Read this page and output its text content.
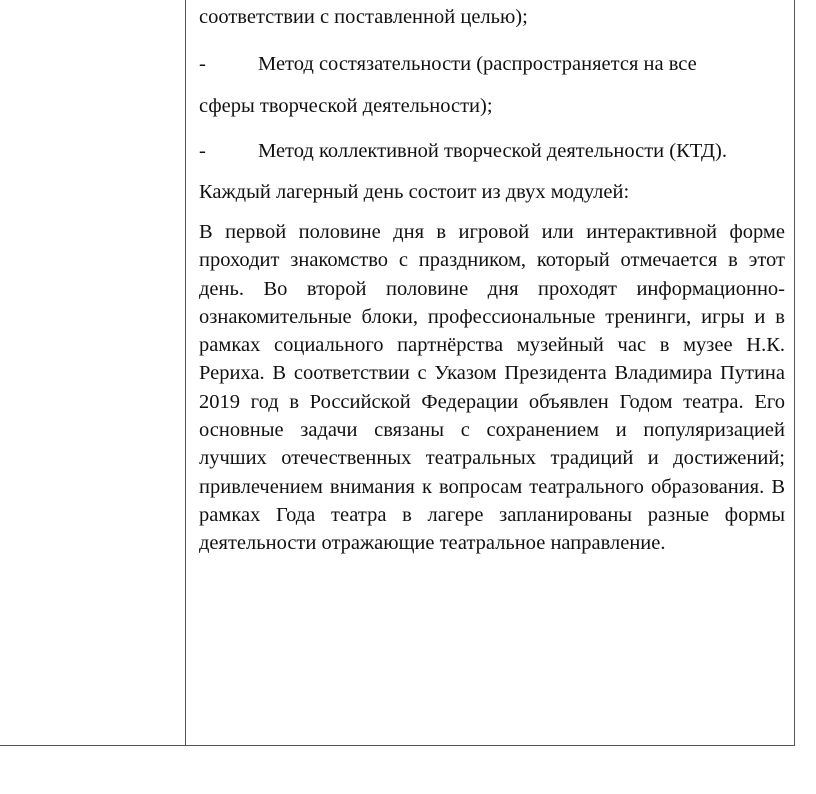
соответствии с поставленной целью);
-	Метод состязательности (распространяется на все
сферы творческой деятельности);
-	Метод коллективной творческой деятельности (КТД).
Каждый лагерный день состоит из двух модулей:
В первой половине дня в игровой или интерактивной форме проходит знакомство с праздником, который отмечается в этот день. Во второй половине дня проходят информационно-ознакомительные блоки, профессиональные тренинги, игры и в рамках социального партнёрства музейный час в музее Н.К. Рериха. В соответствии с Указом Президента Владимира Путина 2019 год в Российской Федерации объявлен Годом театра. Его основные задачи связаны с сохранением и популяризацией лучших отечественных театральных традиций и достижений; привлечением внимания к вопросам театрального образования. В рамках Года театра в лагере запланированы разные формы деятельности отражающие театральное направление.
